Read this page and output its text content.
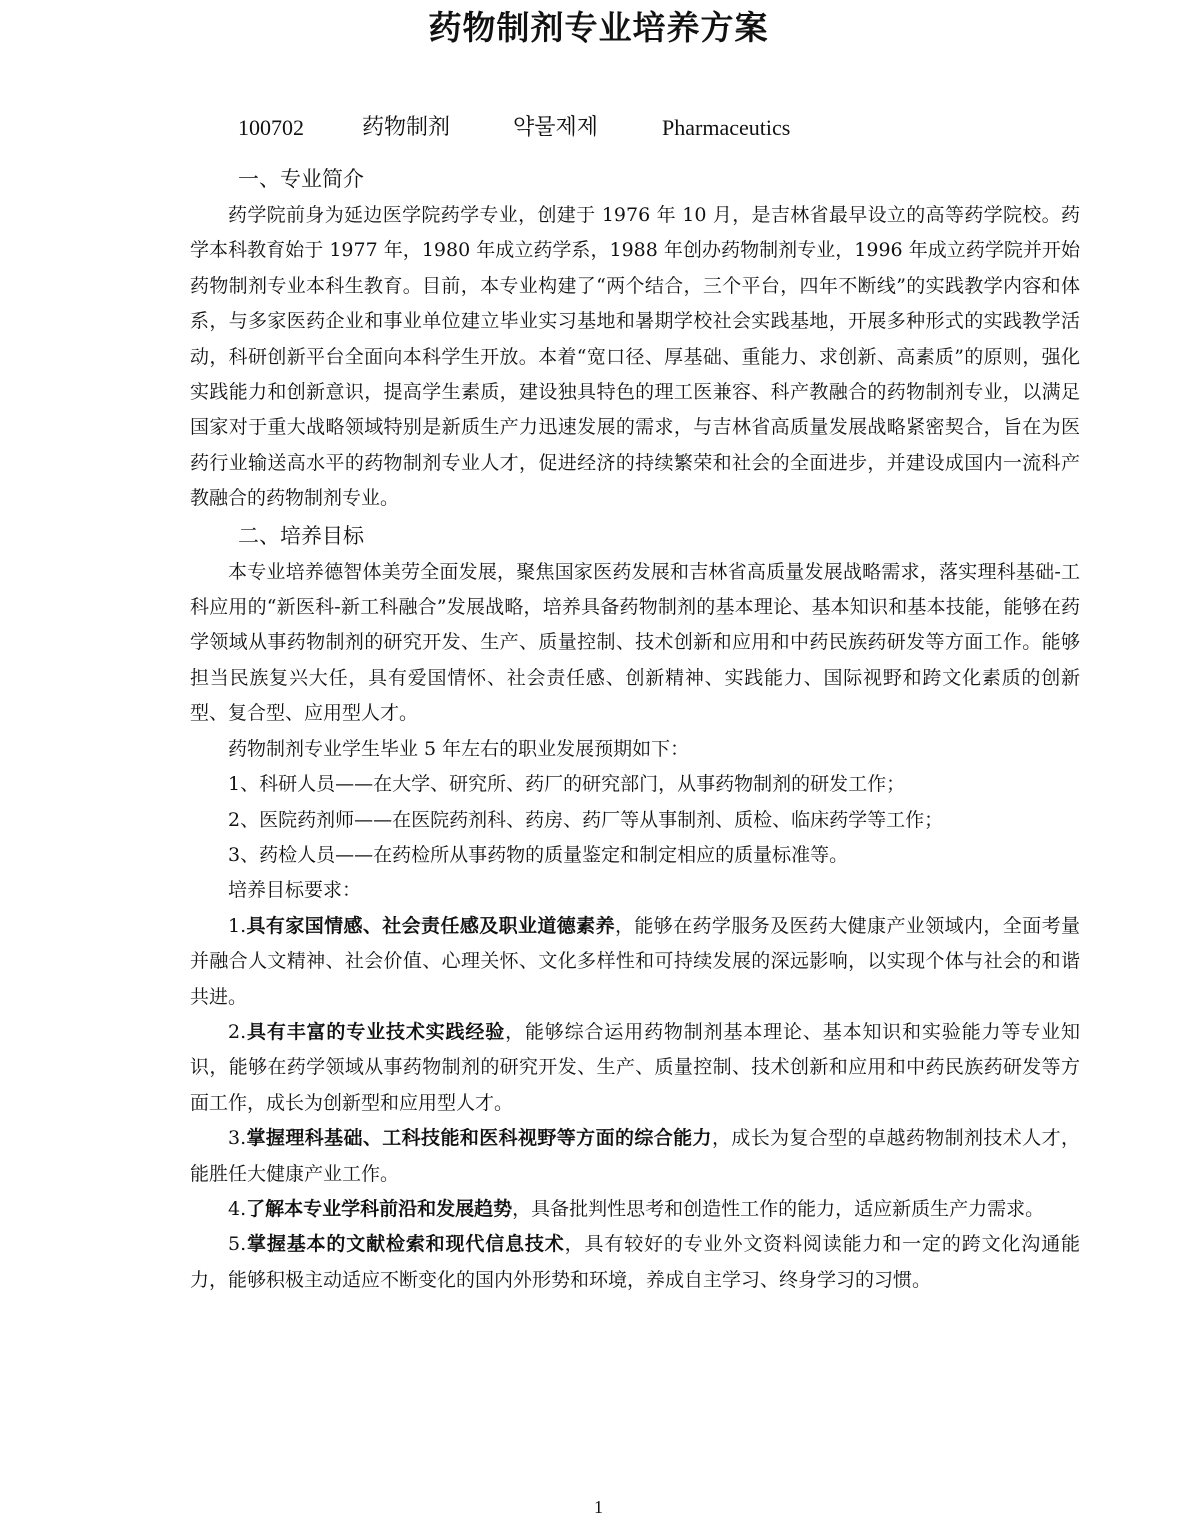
药物制剂专业培养方案
100702	药物制剂	약물제제	Pharmaceutics
一、专业简介

药学院前身为延边医学院药学专业，创建于 1976 年 10 月，是吉林省最早设立的高等药学院校。药学本科教育始于 1977 年，1980 年成立药学系，1988 年创办药物制剂专业，1996 年成立药学院并开始药物制剂专业本科生教育。目前，本专业构建了“两个结合，三个平台，四年不断线”的实践教学内容和体系，与多家医药企业和事业单位建立毕业实习基地和暑期学校社会实践基地，开展多种形式的实践教学活动，科研创新平台全面向本科学生开放。本着“宽口径、厚基础、重能力、求创新、高素质”的原则，强化实践能力和创新意识，提高学生素质，建设独具特色的理工医兼容、科产教融合的药物制剂专业，以满足国家对于重大战略领域特别是新质生产力迅速发展的需求，与吉林省高质量发展战略紧密契合，旨在为医药行业输送高水平的药物制剂专业人才，促进经济的持续繁荣和社会的全面进步，并建设成国内一流科产教融合的药物制剂专业。

二、培养目标

本专业培养德智体美劳全面发展，聚焦国家医药发展和吉林省高质量发展战略需求，落实理科基础-工科应用的“新医科-新工科融合”发展战略，培养具备药物制剂的基本理论、基本知识和基本技能，能够在药学领域从事药物制剂的研究开发、生产、质量控制、技术创新和应用和中药民族药研发等方面工作。能够担当民族复兴大任，具有爱国情怀、社会责任感、创新精神、实践能力、国际视野和跨文化素质的创新型、复合型、应用型人才。

药物制剂专业学生毕业 5 年左右的职业发展预期如下：

1、科研人员——在大学、研究所、药厂的研究部门，从事药物制剂的研发工作；

2、医院药剂师——在医院药剂科、药房、药厂等从事制剂、质检、临床药学等工作；

3、药检人员——在药检所从事药物的质量鉴定和制定相应的质量标准等。

培养目标要求：

1.具有家国情感、社会责任感及职业道德素养，能够在药学服务及医药大健康产业领域内，全面考量并融合人文精神、社会价值、心理关怀、文化多样性和可持续发展的深远影响，以实现个体与社会的和谐共进。

2.具有丰富的专业技术实践经验，能够综合运用药物制剂基本理论、基本知识和实验能力等专业知识，能够在药学领域从事药物制剂的研究开发、生产、质量控制、技术创新和应用和中药民族药研发等方面工作，成长为创新型和应用型人才。

3.掌握理科基础、工科技能和医科视野等方面的综合能力，成长为复合型的卓越药物制剂技术人才，能胜任大健康产业工作。

4.了解本专业学科前沿和发展趋势，具备批判性思考和创造性工作的能力，适应新质生产力需求。

5.掌握基本的文献检索和现代信息技术，具有较好的专业外文资料阅读能力和一定的跨文化沟通能力，能够积极主动适应不断变化的国内外形势和环境，养成自主学习、终身学习的习惯。

1
